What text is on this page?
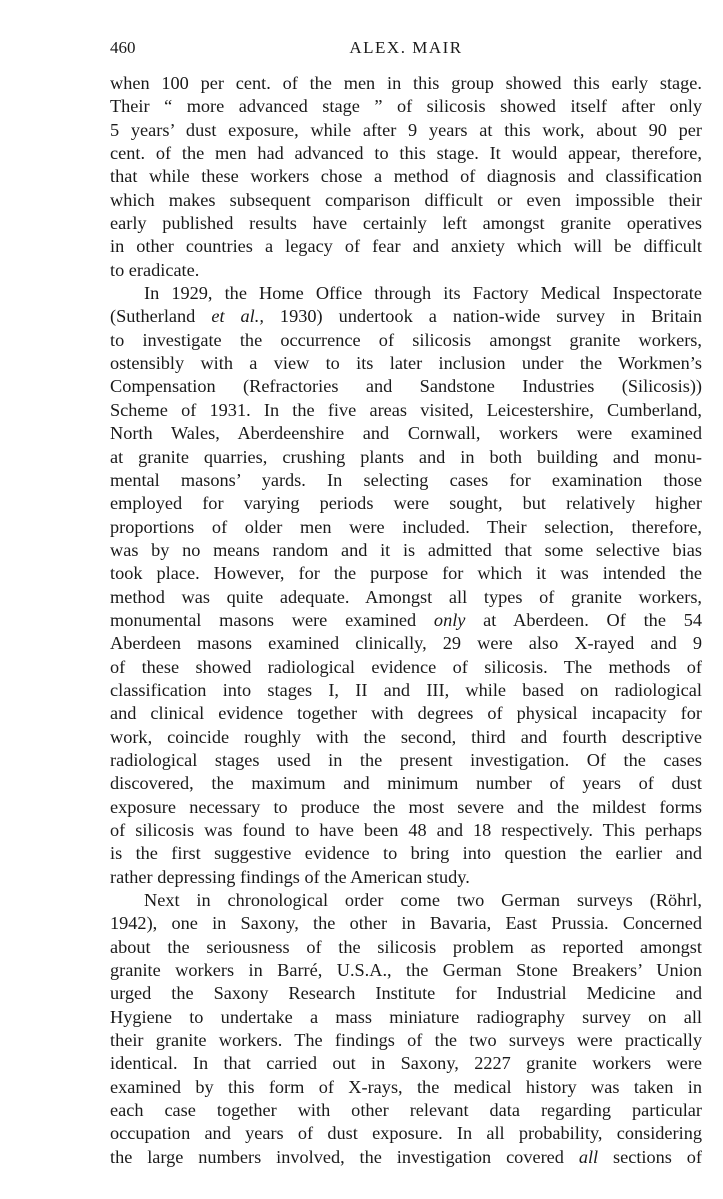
460	ALEX. MAIR
when 100 per cent. of the men in this group showed this early stage.
Their “ more advanced stage ” of silicosis showed itself after only
5 years’ dust exposure, while after 9 years at this work, about 90 per
cent. of the men had advanced to this stage. It would appear, therefore,
that while these workers chose a method of diagnosis and classification
which makes subsequent comparison difficult or even impossible their
early published results have certainly left amongst granite operatives
in other countries a legacy of fear and anxiety which will be difficult
to eradicate.
In 1929, the Home Office through its Factory Medical Inspectorate
(Sutherland et al., 1930) undertook a nation-wide survey in Britain
to investigate the occurrence of silicosis amongst granite workers,
ostensibly with a view to its later inclusion under the Workmen’s
Compensation (Refractories and Sandstone Industries (Silicosis))
Scheme of 1931. In the five areas visited, Leicestershire, Cumberland,
North Wales, Aberdeenshire and Cornwall, workers were examined
at granite quarries, crushing plants and in both building and monu-
mental masons’ yards. In selecting cases for examination those
employed for varying periods were sought, but relatively higher
proportions of older men were included. Their selection, therefore,
was by no means random and it is admitted that some selective bias
took place. However, for the purpose for which it was intended the
method was quite adequate. Amongst all types of granite workers,
monumental masons were examined only at Aberdeen. Of the 54
Aberdeen masons examined clinically, 29 were also X-rayed and 9
of these showed radiological evidence of silicosis. The methods of
classification into stages I, II and III, while based on radiological
and clinical evidence together with degrees of physical incapacity for
work, coincide roughly with the second, third and fourth descriptive
radiological stages used in the present investigation. Of the cases
discovered, the maximum and minimum number of years of dust
exposure necessary to produce the most severe and the mildest forms
of silicosis was found to have been 48 and 18 respectively. This perhaps
is the first suggestive evidence to bring into question the earlier and
rather depressing findings of the American study.
Next in chronological order come two German surveys (Röhrl,
1942), one in Saxony, the other in Bavaria, East Prussia. Concerned
about the seriousness of the silicosis problem as reported amongst
granite workers in Barré, U.S.A., the German Stone Breakers’ Union
urged the Saxony Research Institute for Industrial Medicine and
Hygiene to undertake a mass miniature radiography survey on all
their granite workers. The findings of the two surveys were practically
identical. In that carried out in Saxony, 2227 granite workers were
examined by this form of X-rays, the medical history was taken in
each case together with other relevant data regarding particular
occupation and years of dust exposure. In all probability, considering
the large numbers involved, the investigation covered all sections of
